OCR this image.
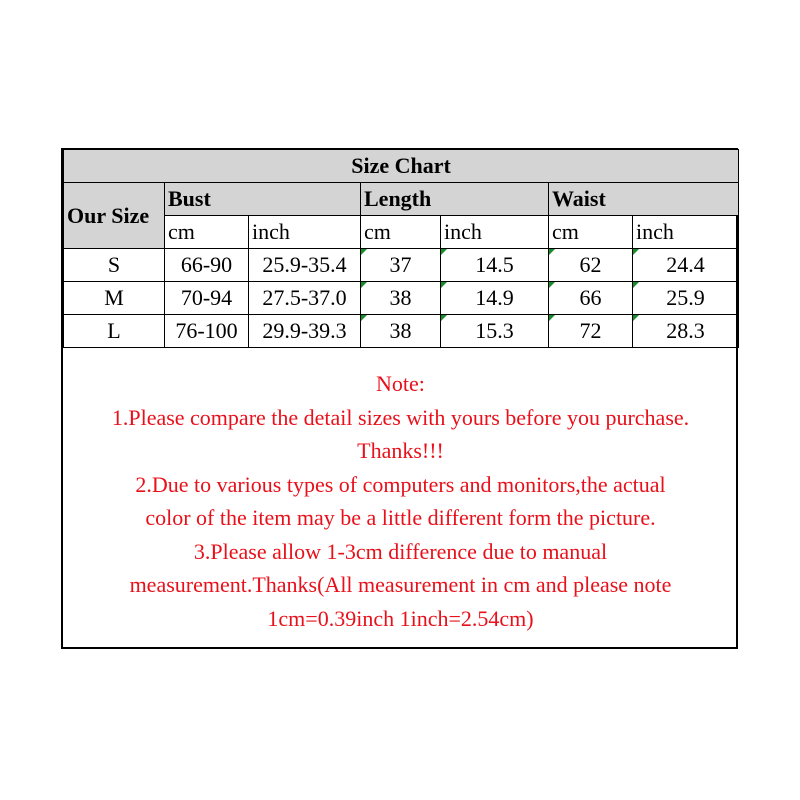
Size Chart						
Our Size	Bust		Length		Waist	
	cm	inch	cm	inch	cm	inch
S	66-90	25.9-35.4	37	14.5	62	24.4
M	70-94	27.5-37.0	38	14.9	66	25.9
L	76-100	29.9-39.3	38	15.3	72	28.3
Note:
1.Please compare the detail sizes with yours before you purchase.
Thanks!!!
2.Due to various types of computers and monitors,the actual
color of the item may be a little different form the picture.
3.Please allow 1-3cm difference due to manual
measurement.Thanks(All measurement in cm and please note
1cm=0.39inch 1inch=2.54cm)
